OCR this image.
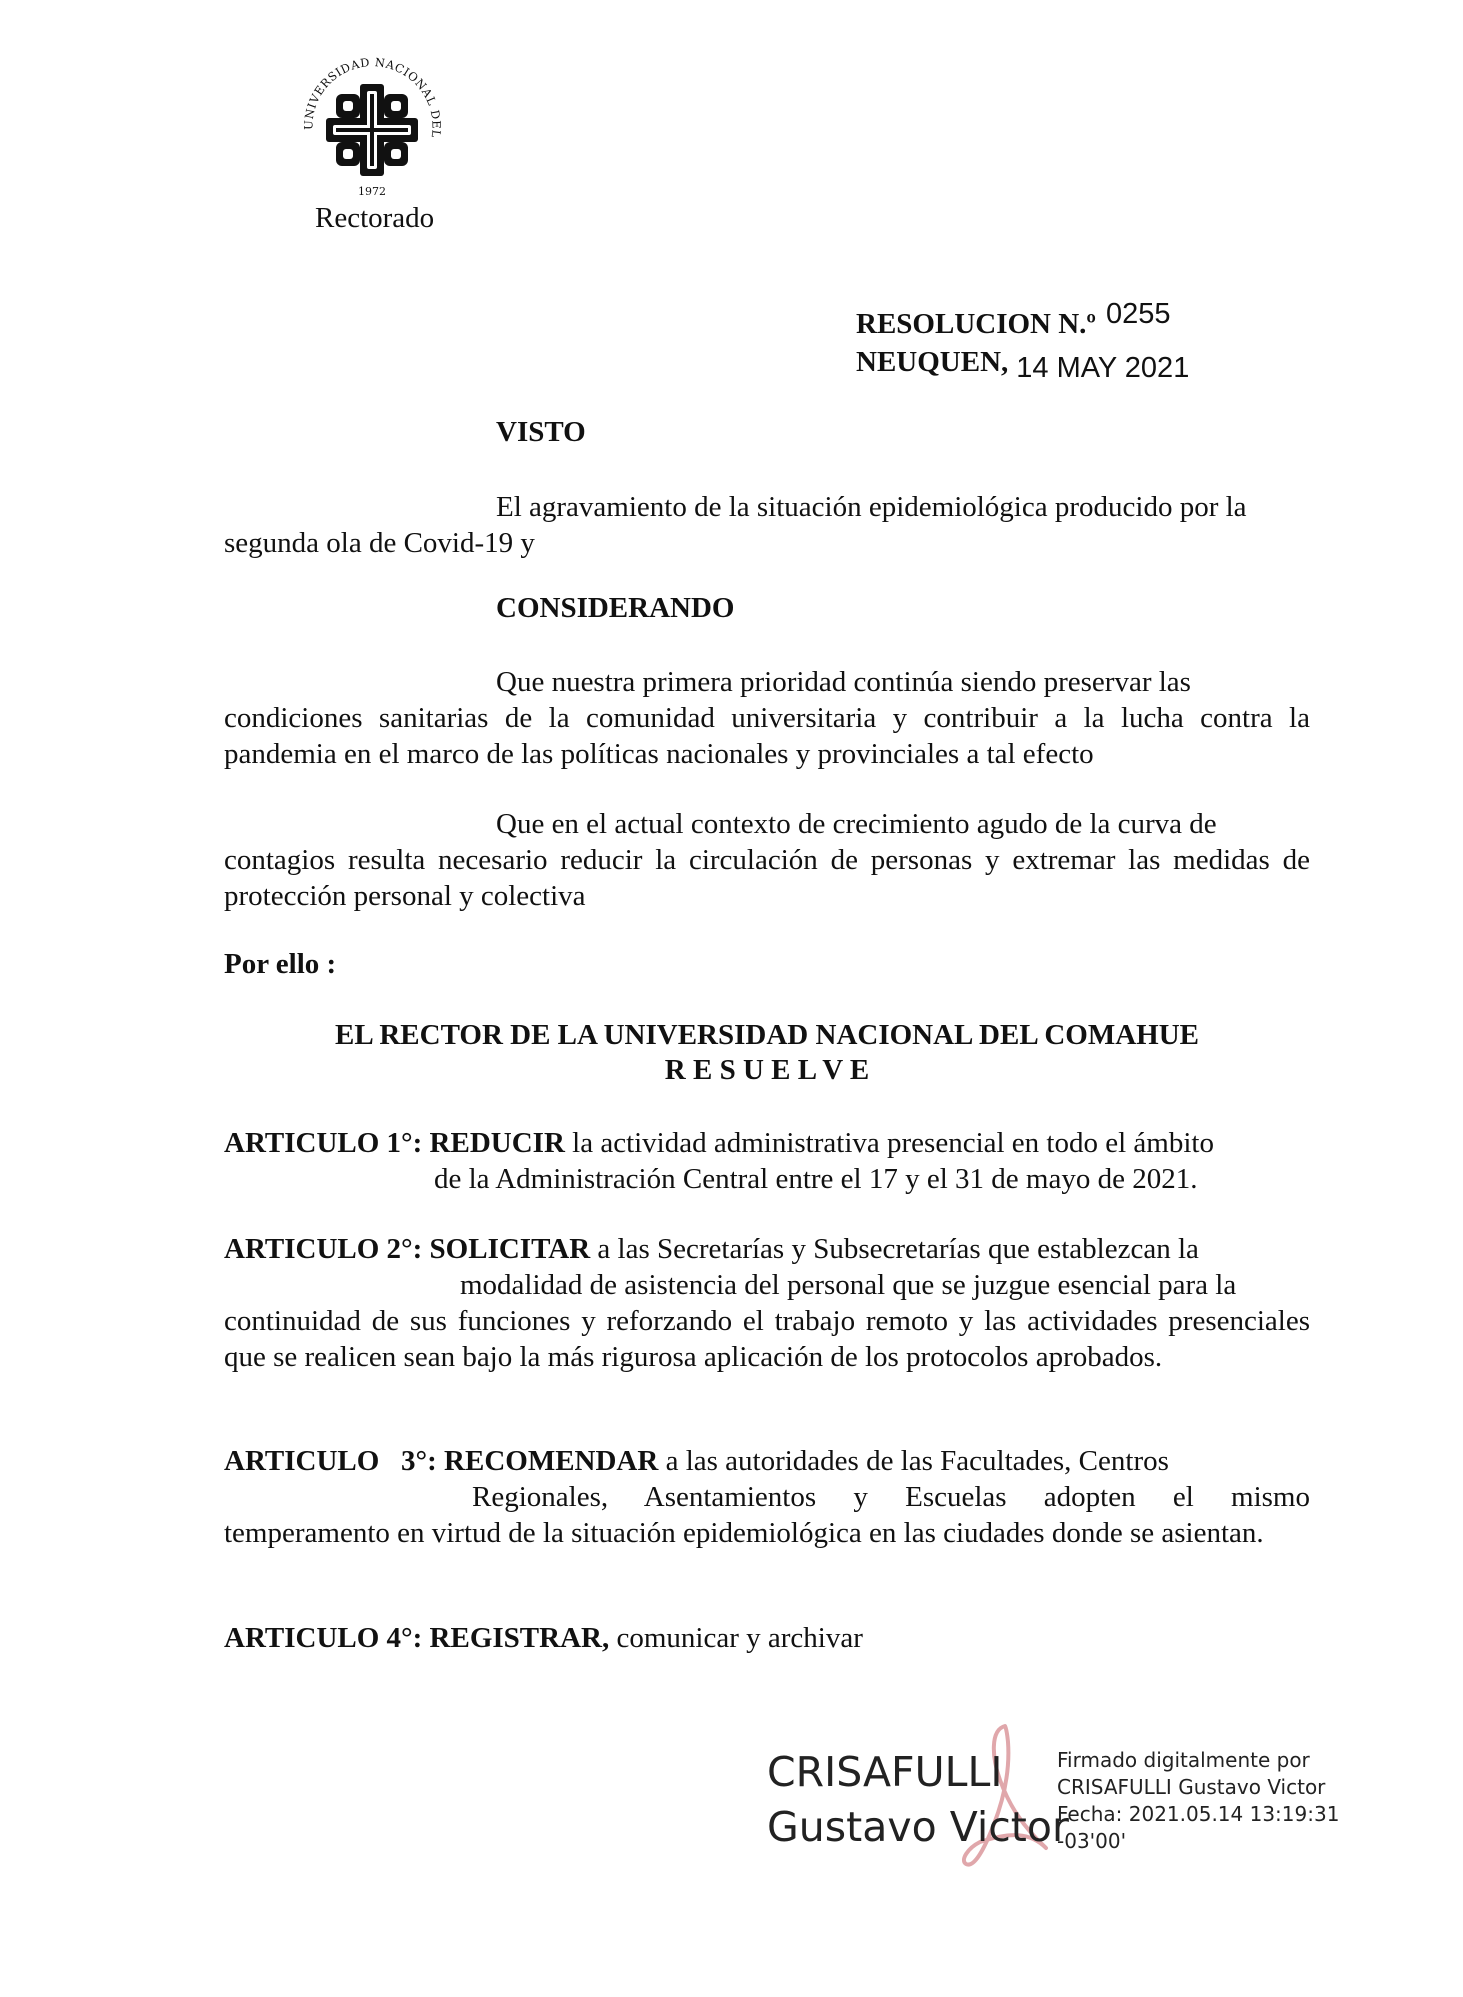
UNIVERSIDAD NACIONAL DEL
1972
Rectorado
RESOLUCION N.º 0255
NEUQUEN, 14 MAY 2021
VISTO
El agravamiento de la situación epidemiológica producido por la
segunda ola de Covid-19 y
CONSIDERANDO
Que nuestra primera prioridad continúa siendo preservar las
condiciones sanitarias de la comunidad universitaria y contribuir a la lucha contra la pandemia en el marco de las políticas nacionales y provinciales a tal efecto
Que en el actual contexto de crecimiento agudo de la curva de
contagios resulta necesario reducir la circulación de personas y extremar las medidas de protección personal y colectiva
Por ello :
EL RECTOR DE LA UNIVERSIDAD NACIONAL DEL COMAHUE
R E S U E L V E
ARTICULO 1°: REDUCIR la actividad administrativa presencial en todo el ámbito
de la Administración Central entre el 17 y el 31 de mayo de 2021.
ARTICULO 2°: SOLICITAR a las Secretarías y Subsecretarías que establezcan la
modalidad de asistencia del personal que se juzgue esencial para la
continuidad de sus funciones y reforzando el trabajo remoto y las actividades presenciales que se realicen sean bajo la más rigurosa aplicación de los protocolos aprobados.
ARTICULO   3°: RECOMENDAR a las autoridades de las Facultades, Centros
Regionales, Asentamientos y Escuelas adopten el mismo
temperamento en virtud de la situación epidemiológica en las ciudades donde se asientan.
ARTICULO 4°: REGISTRAR, comunicar y archivar
CRISAFULLI
Gustavo Victor
Firmado digitalmente por
CRISAFULLI Gustavo Victor
Fecha: 2021.05.14 13:19:31
-03'00'
